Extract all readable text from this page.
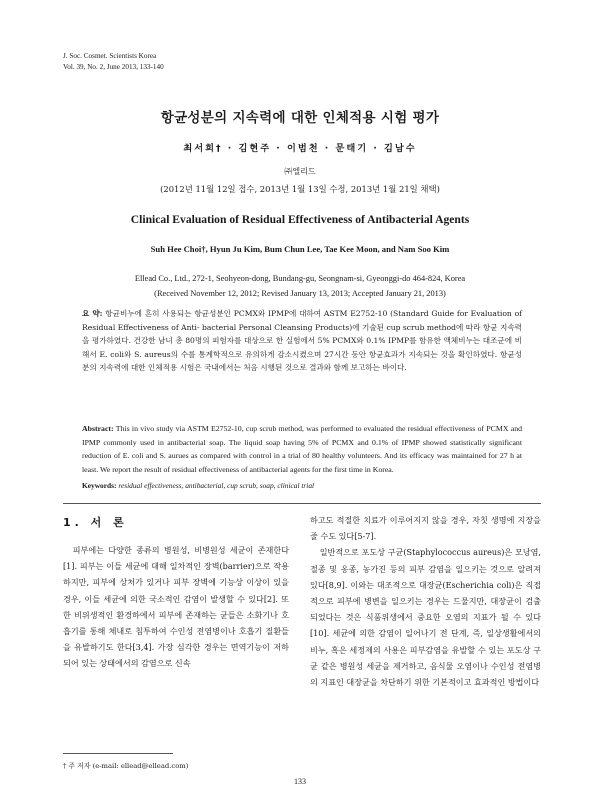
J. Soc. Cosmet. Scientists Korea
Vol. 39, No. 2, June 2013, 133-140
항균성분의 지속력에 대한 인체적용 시험 평가
최서희† · 김현주 · 이범천 · 문태기 · 김남수
㈜엘리드
(2012년 11월 12일 접수, 2013년 1월 13일 수정, 2013년 1월 21일 채택)
Clinical Evaluation of Residual Effectiveness of Antibacterial Agents
Suh Hee Choi†, Hyun Ju Kim, Bum Chun Lee, Tae Kee Moon, and Nam Soo Kim
Ellead Co., Ltd., 272-1, Seohyeon-dong, Bundang-gu, Seongnam-si, Gyeonggi-do 464-824, Korea
(Received November 12, 2012; Revised January 13, 2013; Accepted January 21, 2013)
요 약: 항균비누에 흔히 사용되는 항균성분인 PCMX와 IPMP에 대하여 ASTM E2752-10 (Standard Guide for Evaluation of Residual Effectiveness of Anti- bacterial Personal Cleansing Products)에 기술된 cup scrub method에 따라 항균 지속력을 평가하였다. 건강한 남녀 총 80명의 피험자를 대상으로 한 실험에서 5% PCMX와 0.1% IPMP를 함유한 액체비누는 대조군에 비해서 E. coli와 S. aureus의 수를 통계학적으로 유의하게 감소시켰으며 27시간 동안 항균효과가 지속되는 것을 확인하였다. 항균성분의 지속력에 대한 인체적용 시험은 국내에서는 처음 시행된 것으로 결과와 함께 보고하는 바이다.
Abstract: This in vivo study via ASTM E2752-10, cup scrub method, was performed to evaluated the residual effectiveness of PCMX and IPMP commonly used in antibacterial soap. The liquid soap having 5% of PCMX and 0.1% of IPMP showed statistically significant reduction of E. coli and S. aurues as compared with control in a trial of 80 healthy volunteers. And its efficacy was maintained for 27 h at least. We report the result of residual effectiveness of antibacterial agents for the first time in Korea.
Keywords: residual effectiveness, antibacterial, cup scrub, soap, clinical trial
1. 서 론

피부에는 다양한 종류의 병원성, 비병원성 세균이 존재한다[1]. 피부는 이들 세균에 대해 일차적인 장벽(barrier)으로 작용하지만, 피부에 상처가 있거나 피부 장벽에 기능상 이상이 있을 경우, 이들 세균에 의한 국소적인 감염이 발생할 수 있다[2]. 또한 비위생적인 환경하에서 피부에 존재하는 균들은 소화기나 호흡기를 통해 체내로 침투하여 수인성 전염병이나 호흡기 질환들을 유발하기도 한다[3,4]. 가장 심각한 경우는 면역기능이 저하되어 있는 상태에서의 감염으로 신속

하고도 적절한 치료가 이루어지지 않을 경우, 자칫 생명에 지장을 줄 수도 있다[5-7].

일반적으로 포도상 구균(Staphylococcus aureus)은 모낭염, 절종 및 옹종, 농가진 등의 피부 감염을 일으키는 것으로 알려져 있다[8,9]. 이와는 대조적으로 대장균(Escherichia coli)은 직접적으로 피부에 병변을 일으키는 경우는 드물지만, 대장균이 검출되었다는 것은 식품위생에서 중요한 오염의 지표가 될 수 있다[10]. 세균에 의한 감염이 일어나기 전 단계, 즉, 일상생활에서의 비누, 혹은 세정제의 사용은 피부감염을 유발할 수 있는 포도상 구균 같은 병원성 세균을 제거하고, 음식물 오염이나 수인성 전염병의 지표인 대장균을 차단하기 위한 기본적이고 효과적인 방법이다

† 주 저자 (e-mail: ellead@ellead.com)
133
